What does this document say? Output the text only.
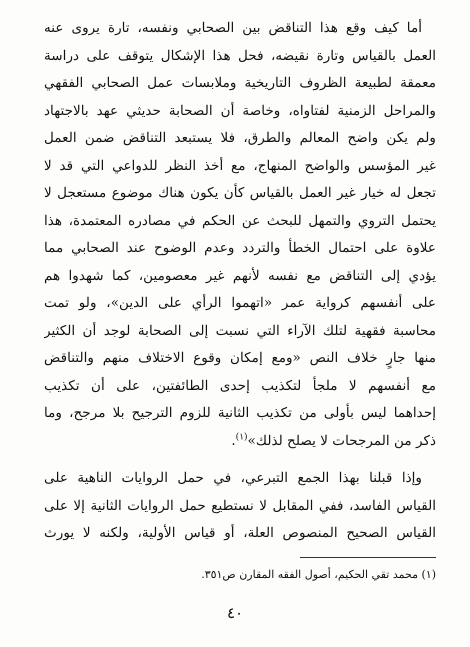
أما كيف وقع هذا التناقض بين الصحابي ونفسه، تارة يروى عنه
العمل بالقياس وتارة نقيضه، فحل هذا الإشكال يتوقف على دراسة
معمقة لطبيعة الظروف التاريخية وملابسات عمل الصحابي الفقهي
والمراحل الزمنية لفتاواه، وخاصة أن الصحابة حديثي عهد بالاجتهاد
ولم يكن واضح المعالم والطرق، فلا يستبعد التناقض ضمن العمل
غير المؤسس والواضح المنهاج، مع أخذ النظر للدواعي التي قد لا
تجعل له خيار غير العمل بالقياس كأن يكون هناك موضوع مستعجل لا
يحتمل التروي والتمهل للبحث عن الحكم في مصادره المعتمدة، هذا
علاوة على احتمال الخطأ والتردد وعدم الوضوح عند الصحابي مما
يؤدي إلى التناقض مع نفسه لأنهم غير معصومين، كما شهدوا هم
على أنفسهم كرواية عمر «اتهموا الرأي على الدين»، ولو تمت
محاسبة فقهية لتلك الآراء التي نسبت إلى الصحابة لوجد أن الكثير
منها جارٍ خلاف النص «ومع إمكان وقوع الاختلاف منهم والتناقض
مع أنفسهم لا ملجأ لتكذيب إحدى الطائفتين، على أن تكذيب
إحداهما ليس بأولى من تكذيب الثانية للزوم الترجيح بلا مرجح، وما
ذكر من المرجحات لا يصلح لذلك»$^{(١)}$.
وإذا قبلنا بهذا الجمع التبرعي، في حمل الروايات الناهية على
القياس الفاسد، ففي المقابل لا نستطيع حمل الروايات الثانية إلا على
القياس الصحيح المنصوص العلة، أو قياس الأولية، ولكنه لا يورث
(١) محمد تقي الحكيم، أصول الفقه المقارن ص٣٥١.
٤٠
